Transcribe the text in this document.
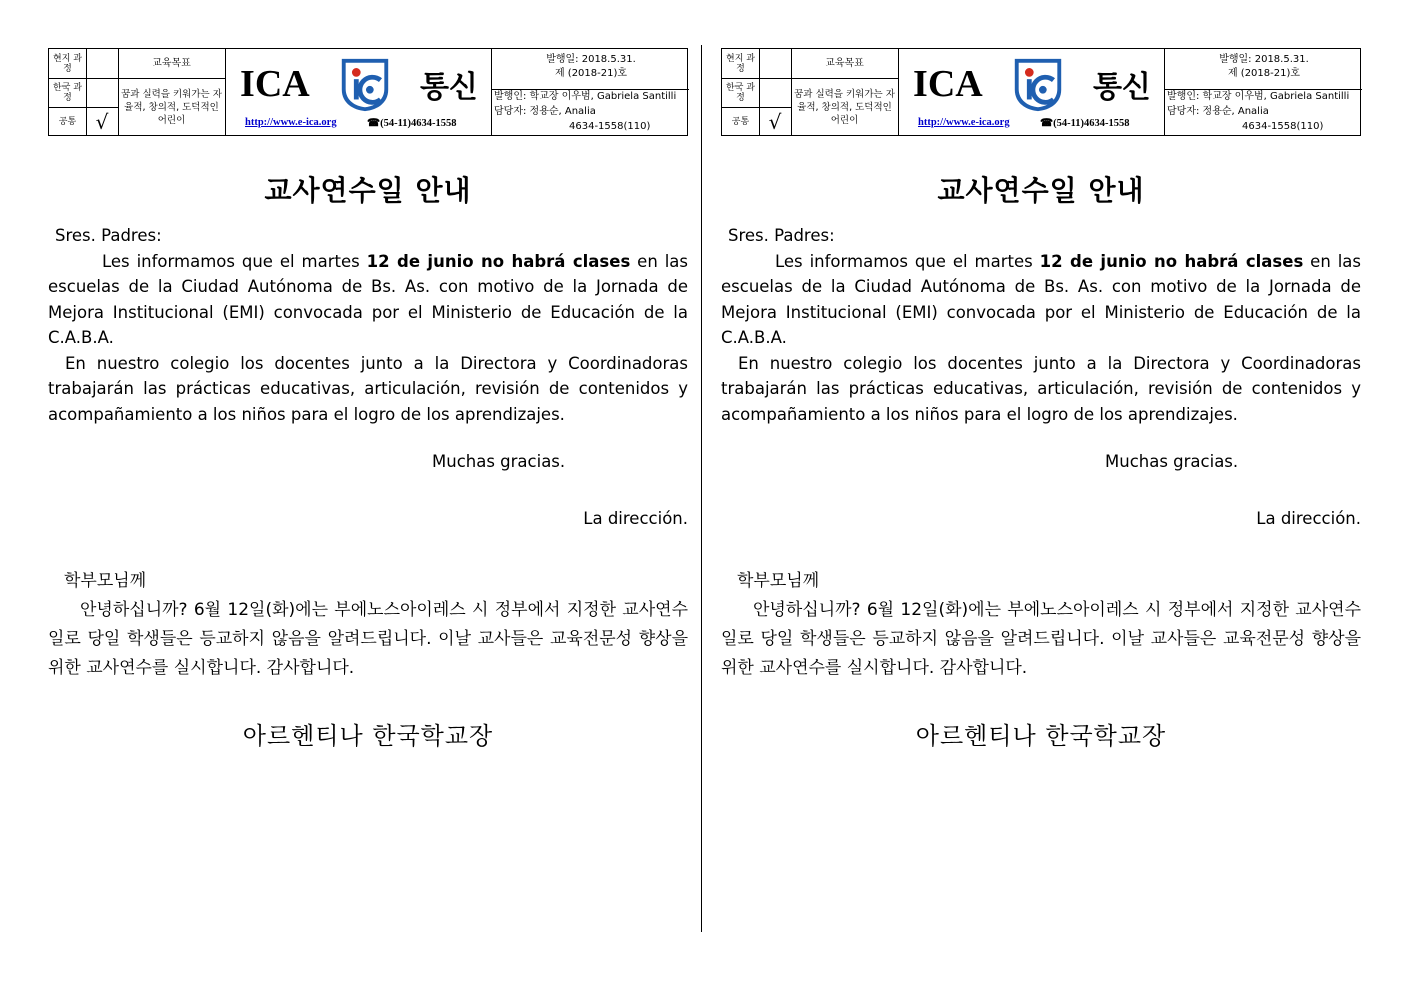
현지 과정
한국 과정
공통 √
교육목표
꿈과 실력을 키워가는 자율적, 창의적, 도덕적인 어린이
ICA	통신
http://www.e-ica.org	☎(54-11)4634-1558
발행일: 2018.5.31.
제 (2018-21)호
발행인: 학교장 이우범, Gabriela Santilli
담당자: 정용순, Analia
4634-1558(110)
교사연수일 안내

Sres. Padres:

Les informamos que el martes 12 de junio no habrá clases en las escuelas de la Ciudad Autónoma de Bs. As. con motivo de la Jornada de Mejora Institucional (EMI) convocada por el Ministerio de Educación de la C.A.B.A.

En nuestro colegio los docentes junto a la Directora y Coordinadoras trabajarán las prácticas educativas, articulación, revisión de contenidos y acompañamiento a los niños para el logro de los aprendizajes.

Muchas gracias.
La dirección.
학부모님께
안녕하십니까? 6월 12일(화)에는 부에노스아이레스 시 정부에서 지정한 교사연수일로 당일 학생들은 등교하지 않음을 알려드립니다. 이날 교사들은 교육전문성 향상을 위한 교사연수를 실시합니다. 감사합니다.
아르헨티나 한국학교장
현지 과정
한국 과정
공통 √
교육목표
꿈과 실력을 키워가는 자율적, 창의적, 도덕적인 어린이
ICA	통신
http://www.e-ica.org	☎(54-11)4634-1558
발행일: 2018.5.31.
제 (2018-21)호
발행인: 학교장 이우범, Gabriela Santilli
담당자: 정용순, Analia
4634-1558(110)
교사연수일 안내

Sres. Padres:

Les informamos que el martes 12 de junio no habrá clases en las escuelas de la Ciudad Autónoma de Bs. As. con motivo de la Jornada de Mejora Institucional (EMI) convocada por el Ministerio de Educación de la C.A.B.A.

En nuestro colegio los docentes junto a la Directora y Coordinadoras trabajarán las prácticas educativas, articulación, revisión de contenidos y acompañamiento a los niños para el logro de los aprendizajes.

Muchas gracias.
La dirección.
학부모님께
안녕하십니까? 6월 12일(화)에는 부에노스아이레스 시 정부에서 지정한 교사연수일로 당일 학생들은 등교하지 않음을 알려드립니다. 이날 교사들은 교육전문성 향상을 위한 교사연수를 실시합니다. 감사합니다.
아르헨티나 한국학교장
